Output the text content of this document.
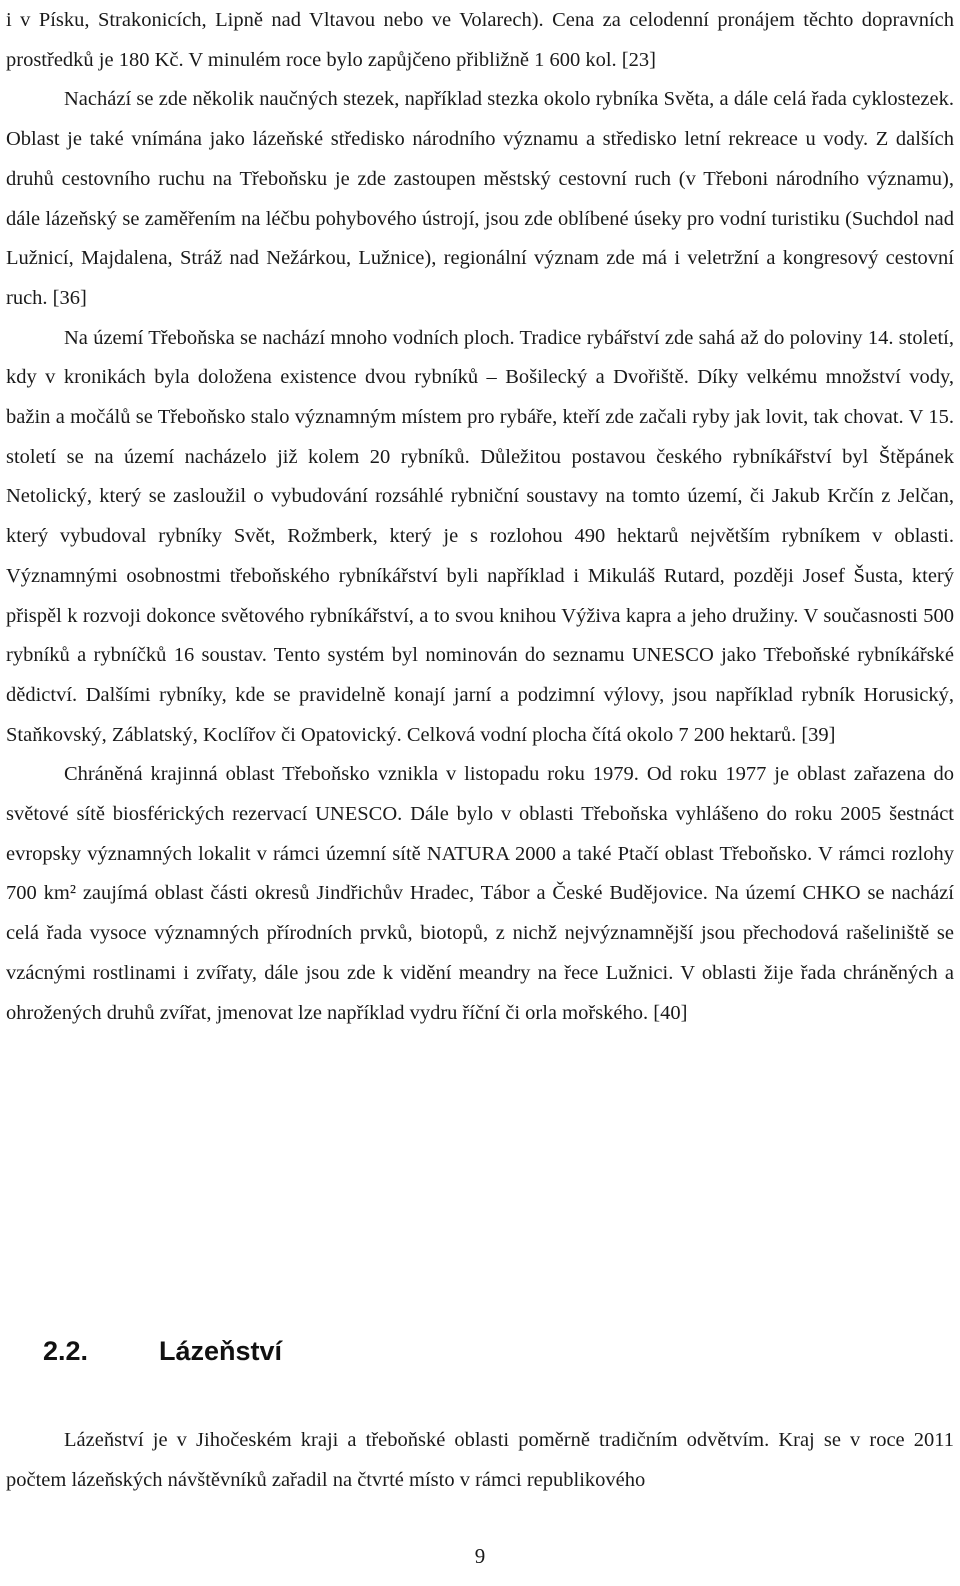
i v Písku, Strakonicích, Lipně nad Vltavou nebo ve Volarech). Cena za celodenní pronájem těchto dopravních prostředků je 180 Kč. V minulém roce bylo zapůjčeno přibližně 1 600 kol. [23]

Nachází se zde několik naučných stezek, například stezka okolo rybníka Světa, a dále celá řada cyklostezek. Oblast je také vnímána jako lázeňské středisko národního významu a středisko letní rekreace u vody. Z dalších druhů cestovního ruchu na Třeboňsku je zde zastoupen městský cestovní ruch (v Třeboni národního významu), dále lázeňský se zaměřením na léčbu pohybového ústrojí, jsou zde oblíbené úseky pro vodní turistiku (Suchdol nad Lužnicí, Majdalena, Stráž nad Nežárkou, Lužnice), regionální význam zde má i veletržní a kongresový cestovní ruch. [36]

Na území Třeboňska se nachází mnoho vodních ploch. Tradice rybářství zde sahá až do poloviny 14. století, kdy v kronikách byla doložena existence dvou rybníků – Bošilecký a Dvořiště. Díky velkému množství vody, bažin a močálů se Třeboňsko stalo významným místem pro rybáře, kteří zde začali ryby jak lovit, tak chovat. V 15. století se na území nacházelo již kolem 20 rybníků. Důležitou postavou českého rybníkářství byl Štěpánek Netolický, který se zasloužil o vybudování rozsáhlé rybniční soustavy na tomto území, či Jakub Krčín z Jelčan, který vybudoval rybníky Svět, Rožmberk, který je s rozlohou 490 hektarů největším rybníkem v oblasti. Významnými osobnostmi třeboňského rybníkářství byli například i Mikuláš Rutard, později Josef Šusta, který přispěl k rozvoji dokonce světového rybníkářství, a to svou knihou Výživa kapra a jeho družiny. V současnosti 500 rybníků a rybníčků 16 soustav. Tento systém byl nominován do seznamu UNESCO jako Třeboňské rybníkářské dědictví. Dalšími rybníky, kde se pravidelně konají jarní a podzimní výlovy, jsou například rybník Horusický, Staňkovský, Záblatský, Koclířov či Opatovický. Celková vodní plocha čítá okolo 7 200 hektarů. [39]

Chráněná krajinná oblast Třeboňsko vznikla v listopadu roku 1979. Od roku 1977 je oblast zařazena do světové sítě biosférických rezervací UNESCO. Dále bylo v oblasti Třeboňska vyhlášeno do roku 2005 šestnáct evropsky významných lokalit v rámci územní sítě NATURA 2000 a také Ptačí oblast Třeboňsko. V rámci rozlohy 700 km² zaujímá oblast části okresů Jindřichův Hradec, Tábor a České Budějovice. Na území CHKO se nachází celá řada vysoce významných přírodních prvků, biotopů, z nichž nejvýznamnější jsou přechodová rašeliniště se vzácnými rostlinami i zvířaty, dále jsou zde k vidění meandry na řece Lužnici. V oblasti žije řada chráněných a ohrožených druhů zvířat, jmenovat lze například vydru říční či orla mořského. [40]

2.2.	Lázeňství

Lázeňství je v Jihočeském kraji a třeboňské oblasti poměrně tradičním odvětvím. Kraj se v roce 2011 počtem lázeňských návštěvníků zařadil na čtvrté místo v rámci republikového

9
